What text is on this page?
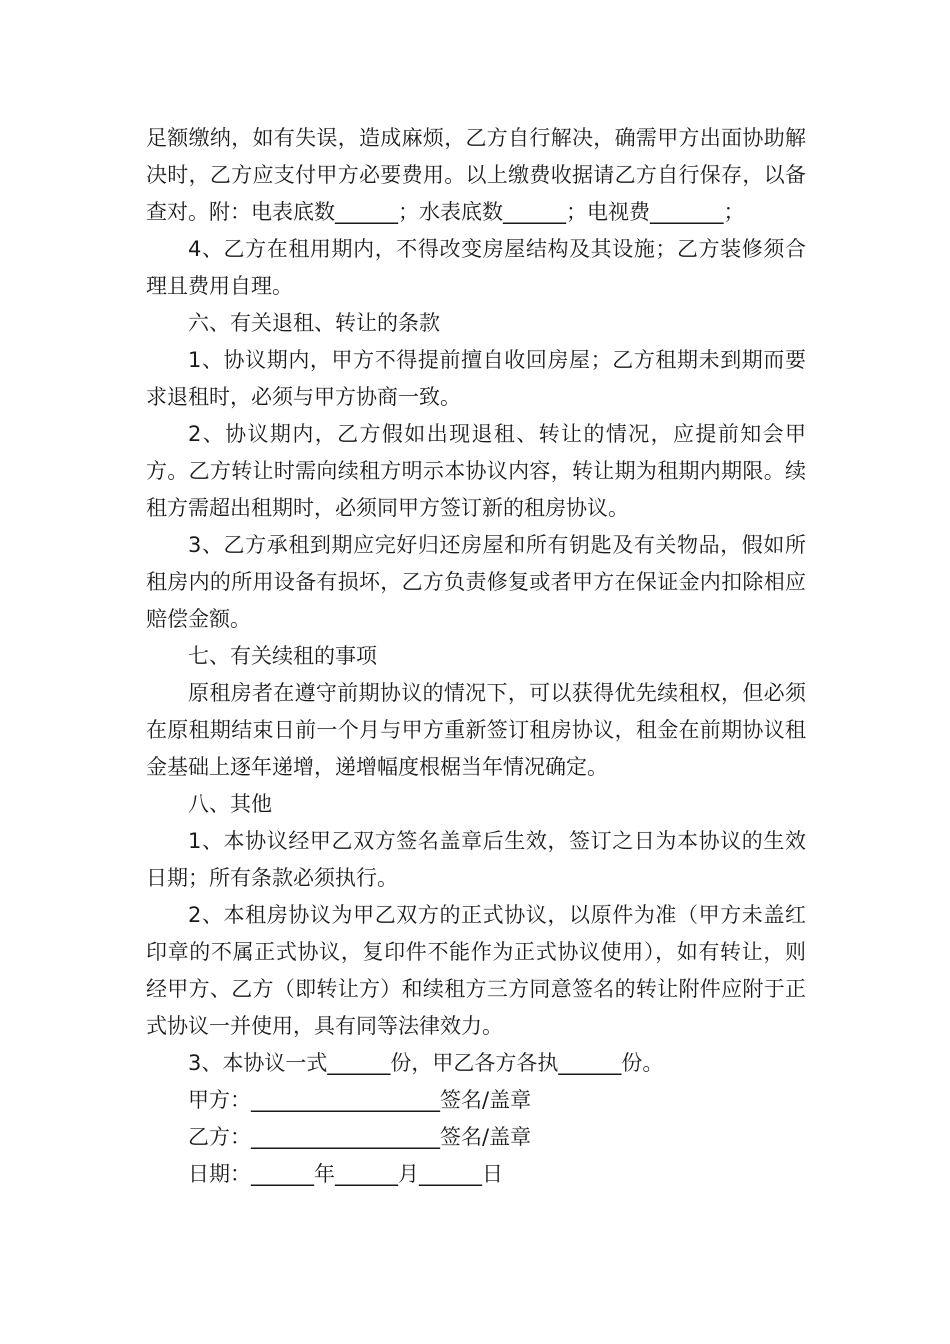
足额缴纳，如有失误，造成麻烦，乙方自行解决，确需甲方出面协助解决时，乙方应支付甲方必要费用。以上缴费收据请乙方自行保存，以备查对。附：电表底数______；水表底数______；电视费_______；

4、乙方在租用期内，不得改变房屋结构及其设施；乙方装修须合理且费用自理。

六、有关退租、转让的条款

1、协议期内，甲方不得提前擅自收回房屋；乙方租期未到期而要求退租时，必须与甲方协商一致。

2、协议期内，乙方假如出现退租、转让的情况，应提前知会甲方。乙方转让时需向续租方明示本协议内容，转让期为租期内期限。续租方需超出租期时，必须同甲方签订新的租房协议。

3、乙方承租到期应完好归还房屋和所有钥匙及有关物品，假如所租房内的所用设备有损坏，乙方负责修复或者甲方在保证金内扣除相应赔偿金额。

七、有关续租的事项

原租房者在遵守前期协议的情况下，可以获得优先续租权，但必须在原租期结束日前一个月与甲方重新签订租房协议，租金在前期协议租金基础上逐年递增，递增幅度根椐当年情况确定。

八、其他

1、本协议经甲乙双方签名盖章后生效，签订之日为本协议的生效日期；所有条款必须执行。

2、本租房协议为甲乙双方的正式协议，以原件为准（甲方未盖红印章的不属正式协议，复印件不能作为正式协议使用），如有转让，则经甲方、乙方（即转让方）和续租方三方同意签名的转让附件应附于正式协议一并使用，具有同等法律效力。

3、本协议一式______份，甲乙各方各执______份。

甲方：__________________签名/盖章

乙方：__________________签名/盖章

日期：______年______月______日
